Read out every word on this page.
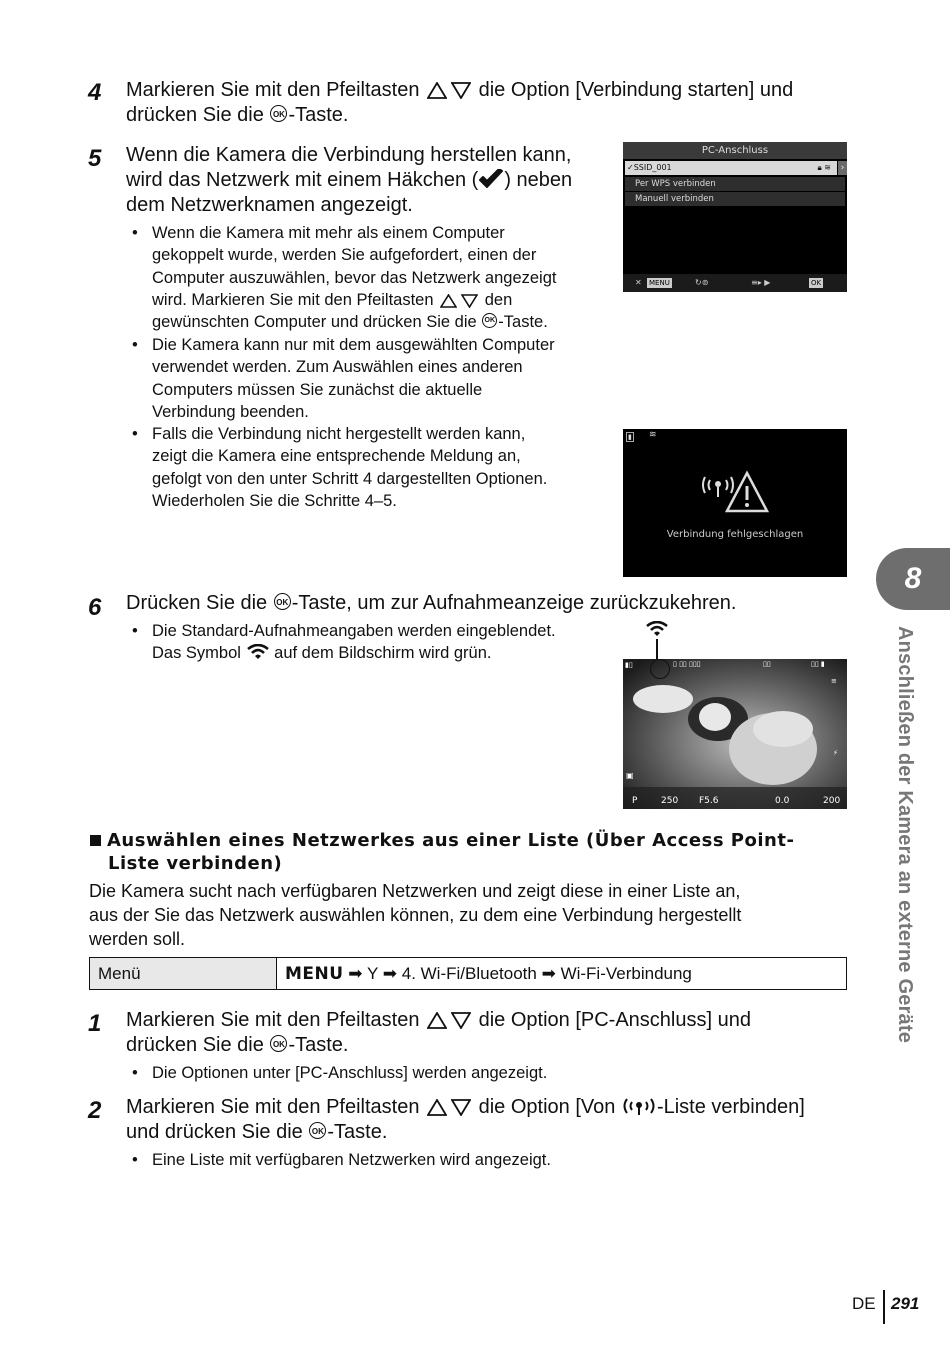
4 Markieren Sie mit den Pfeiltasten	die Option [Verbindung starten] und
drücken Sie die OK -Taste.
5 Wenn die Kamera die Verbindung herstellen kann,
wird das Netzwerk mit einem Häkchen ( ) neben
dem Netzwerknamen angezeigt.
• Wenn die Kamera mit mehr als einem Computer
gekoppelt wurde, werden Sie aufgefordert, einen der
Computer auszuwählen, bevor das Netzwerk angezeigt
wird. Markieren Sie mit den Pfeiltasten	den
gewünschten Computer und drücken Sie die OK -Taste.
• Die Kamera kann nur mit dem ausgewählten Computer
verwendet werden. Zum Auswählen eines anderen
Computers müssen Sie zunächst die aktuelle
Verbindung beenden.
• Falls die Verbindung nicht hergestellt werden kann,
zeigt die Kamera eine entsprechende Meldung an,
gefolgt von den unter Schritt 4 dargestellten Optionen.
Wiederholen Sie die Schritte 4–5.
PC-Anschluss
✓SSID_001	🔒︎ ≋ ›
Per WPS verbinden
Manuell verbinden
✕ MENU	↻⊚	≡▸ ▶	OK
▮ ≋
Verbindung fehlgeschlagen
6 Drücken Sie die OK -Taste, um zur Aufnahmeanzeige zurückzukehren.
• Die Standard-Aufnahmeangaben werden eingeblendet.
Das Symbol auf dem Bildschirm wird grün.
▮▯	▯ ▯▯ ▯▯▯	▯▯	▯▯ ▮
≡
⚡
▣
P	250 F5.6	0.0	200
Auswählen eines Netzwerkes aus einer Liste (Über Access Point-
Liste verbinden)
Die Kamera sucht nach verfügbaren Netzwerken und zeigt diese in einer Liste an,
aus der Sie das Netzwerk auswählen können, zu dem eine Verbindung hergestellt
werden soll.
Menü	MENU ➡ Y ➡ 4. Wi-Fi/Bluetooth ➡ Wi-Fi-Verbindung
1 Markieren Sie mit den Pfeiltasten	die Option [PC-Anschluss] und
drücken Sie die OK -Taste.
• Die Optionen unter [PC-Anschluss] werden angezeigt.
2 Markieren Sie mit den Pfeiltasten	die Option [Von -Liste verbinden]
und drücken Sie die OK -Taste.
• Eine Liste mit verfügbaren Netzwerken wird angezeigt.
8
Anschließen der Kamera an externe Geräte
DE 291
